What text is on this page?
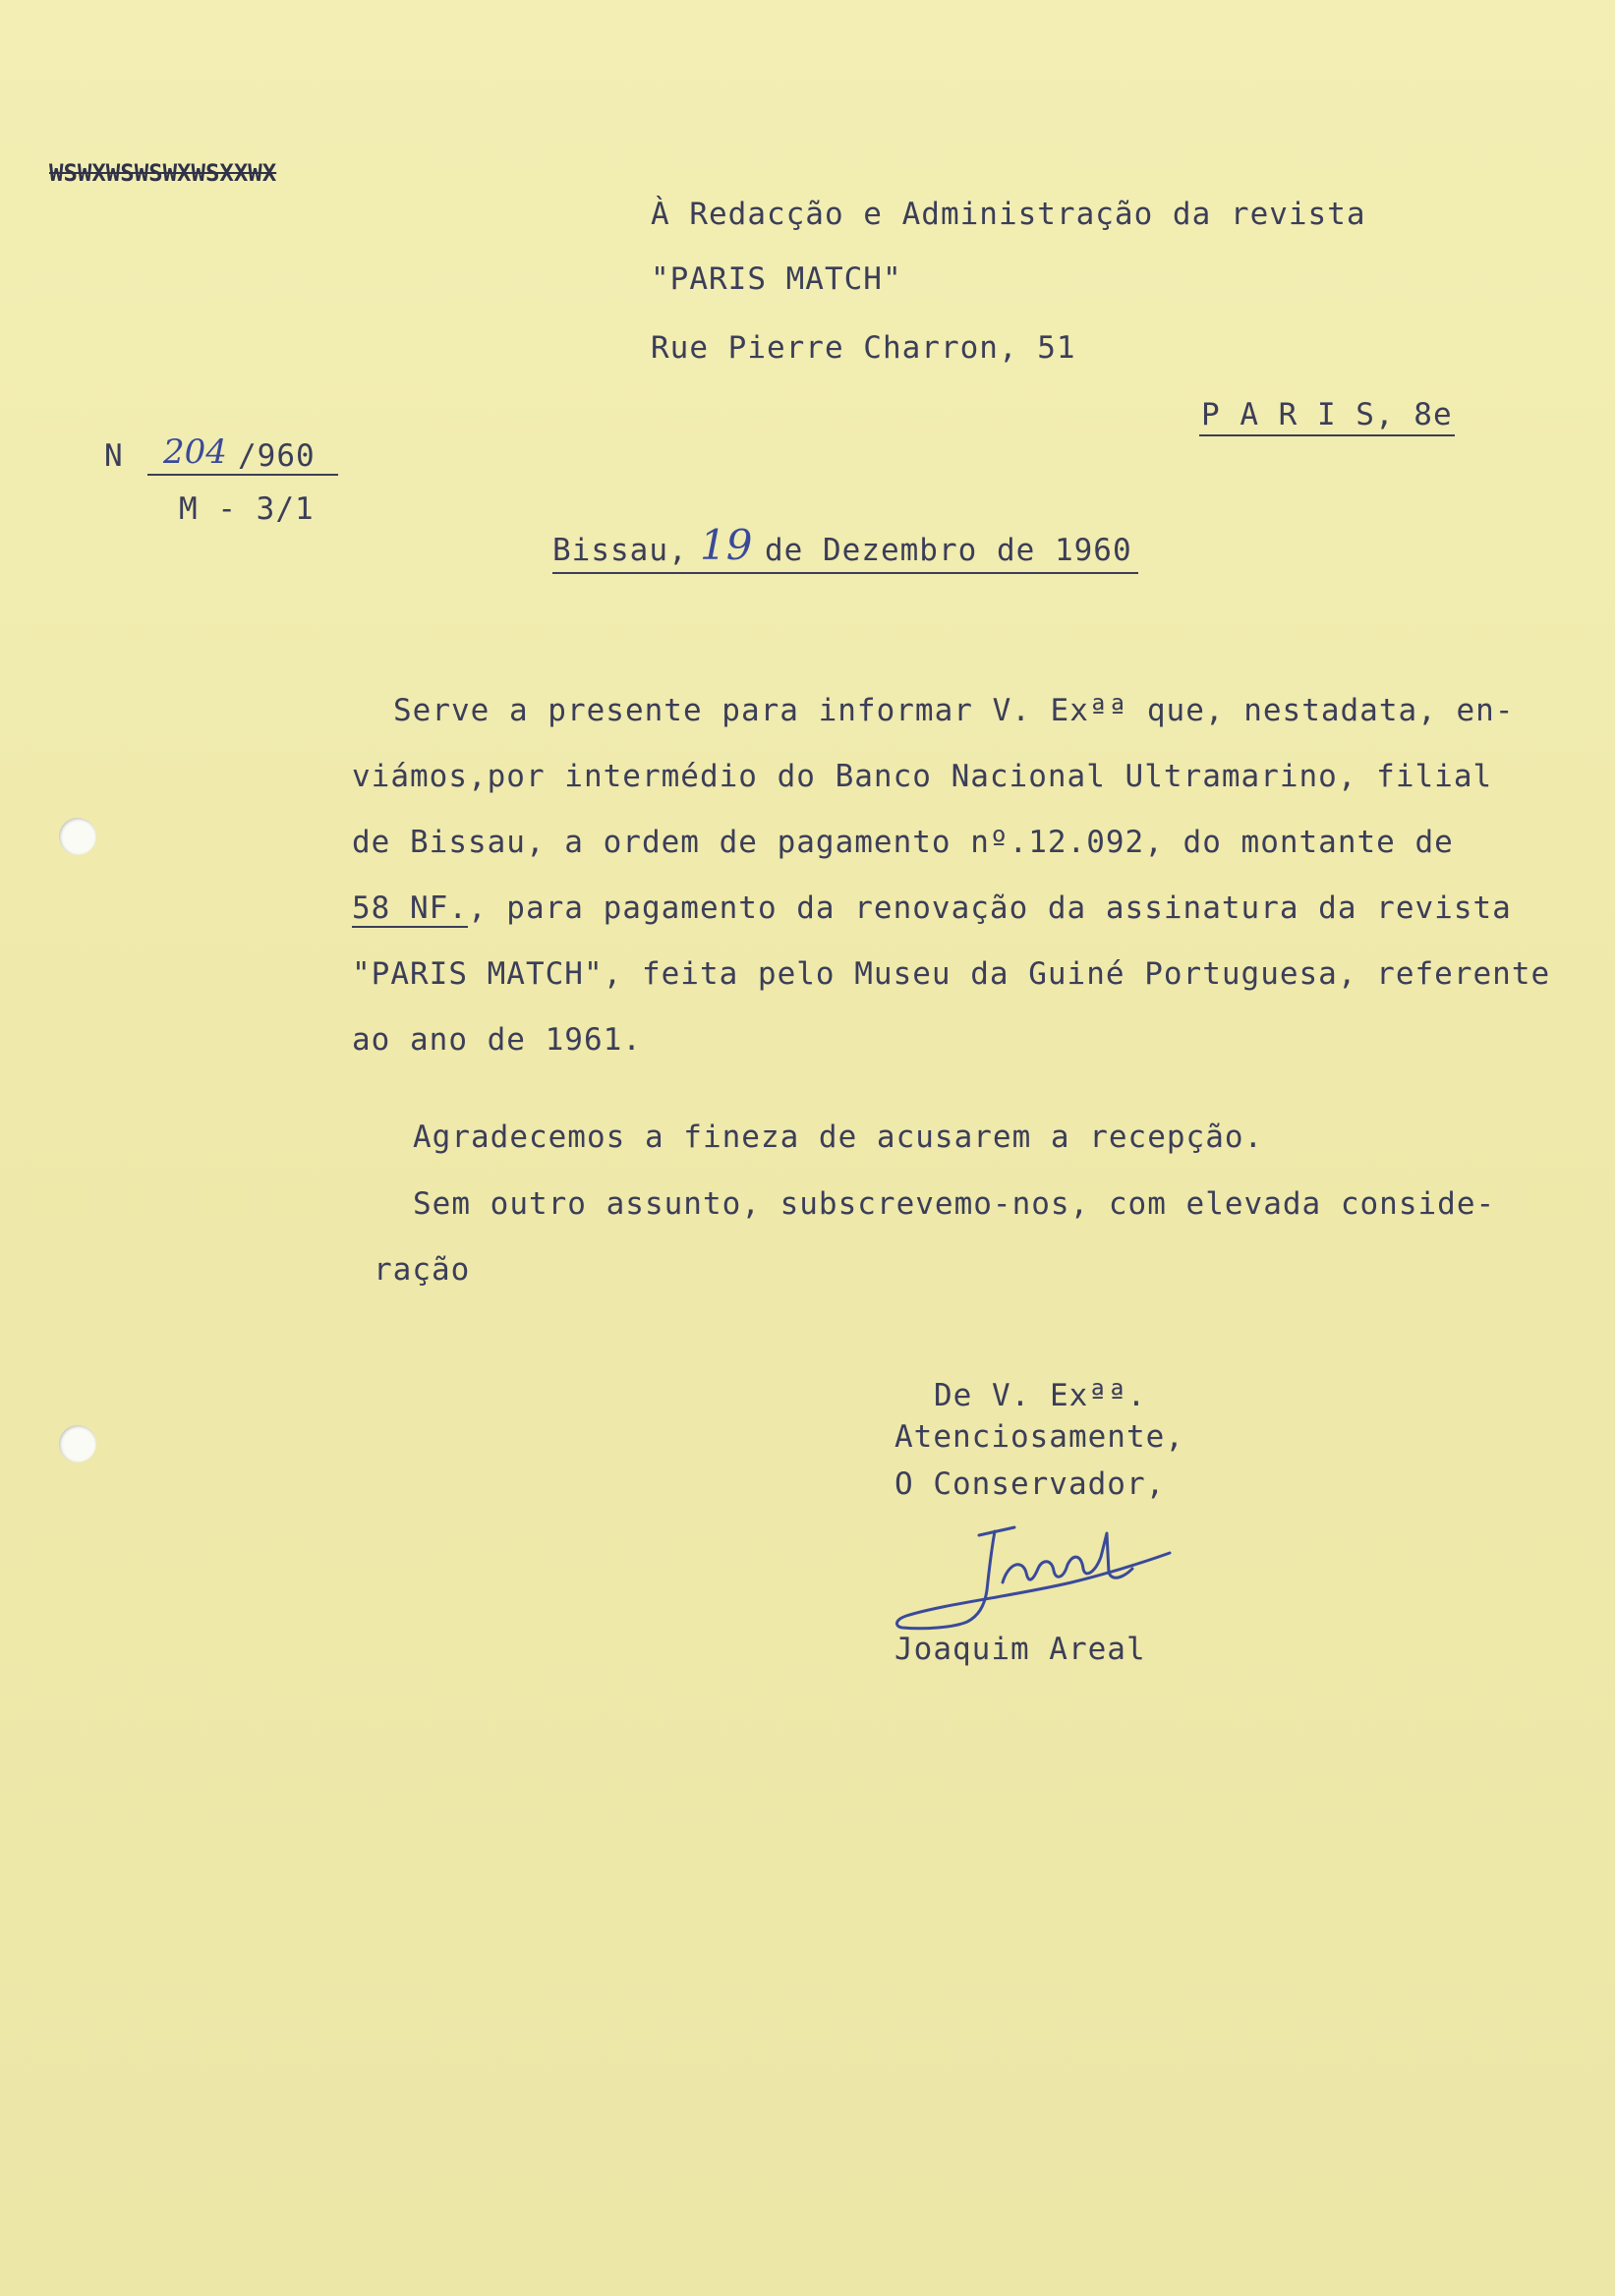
WSWXWSWSWXWSXXWX
À Redacção e Administração da revista
"PARIS MATCH"
Rue Pierre Charron, 51
P A R I S, 8e
N

204

/960

M - 3/1

Bissau,

19

de Dezembro de 1960

Serve a presente para informar V. Exªª que, nestadata, en-
viámos,por intermédio do Banco Nacional Ultramarino, filial
de Bissau, a ordem de pagamento nº.12.092, do montante de
58 NF., para pagamento da renovação da assinatura da revista
"PARIS MATCH", feita pelo Museu da Guiné Portuguesa, referente
ao ano de 1961.
Agradecemos a fineza de acusarem a recepção.
Sem outro assunto, subscrevemo-nos, com elevada conside-
ração
De V. Exªª.
Atenciosamente,
O Conservador,
Joaquim Areal
